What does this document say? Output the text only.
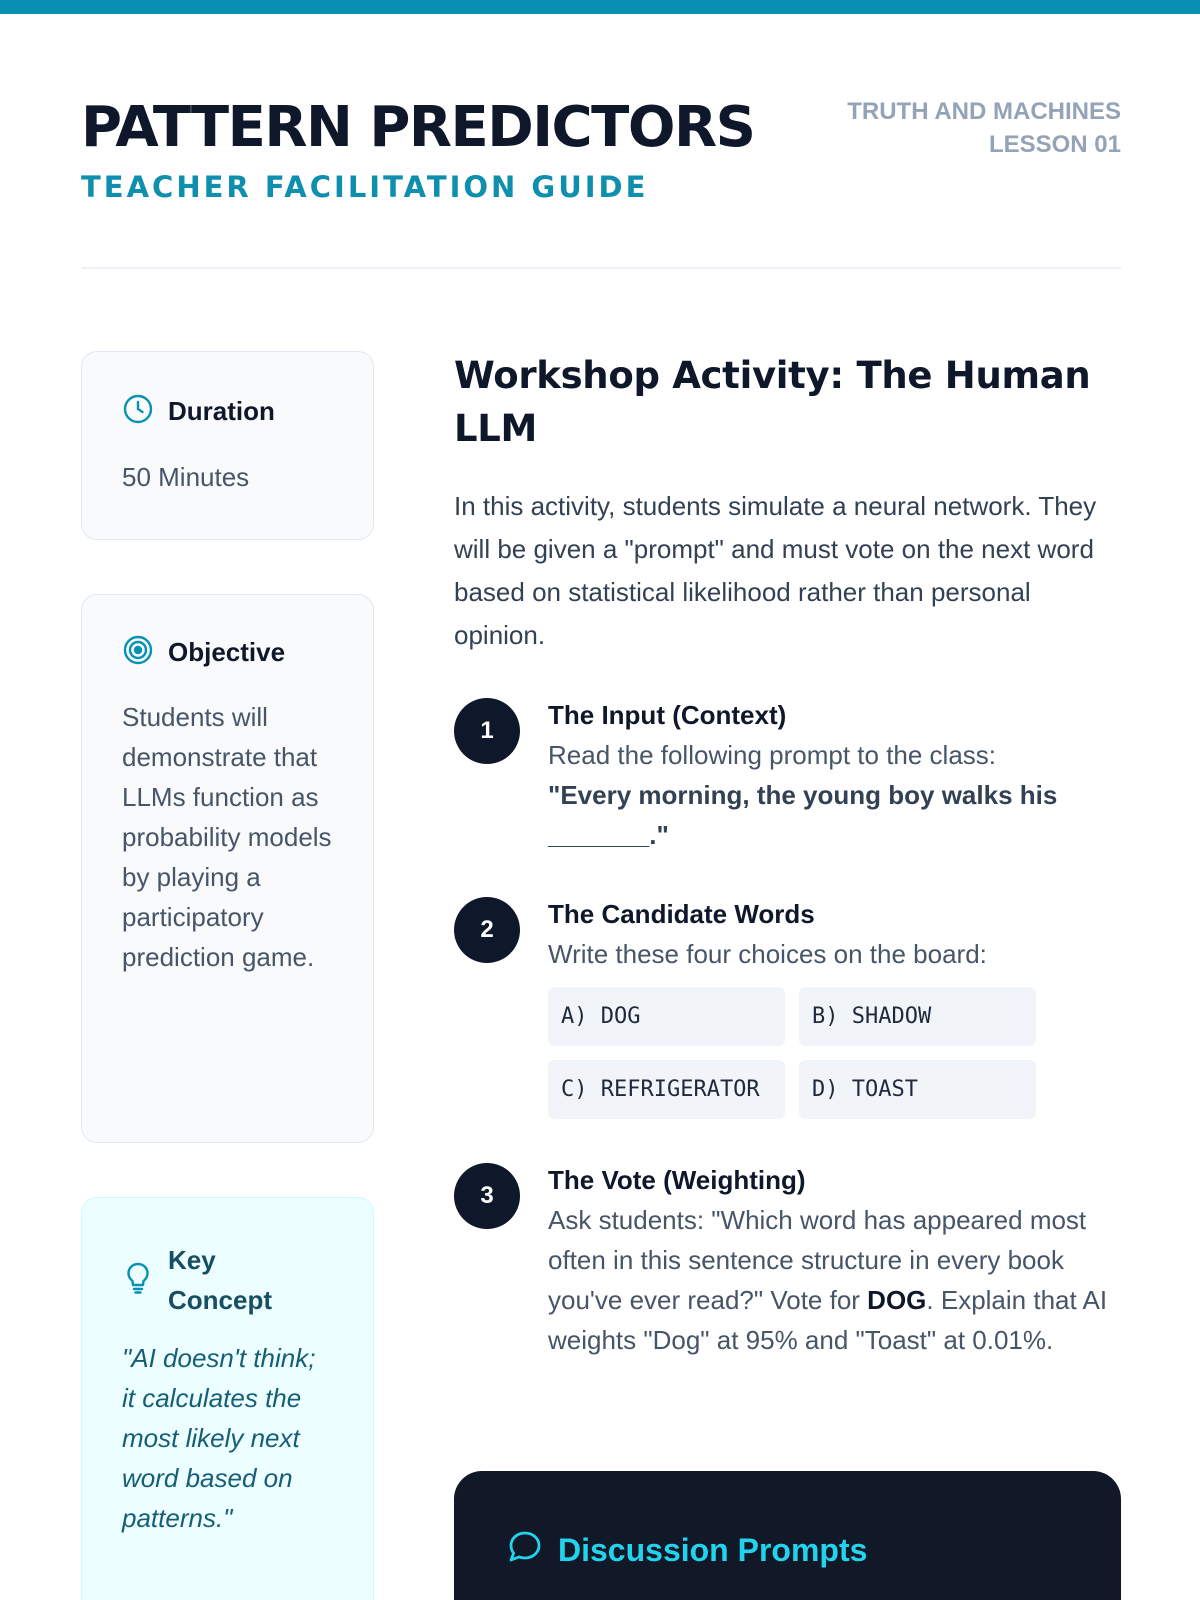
PATTERN PREDICTORS
TEACHER FACILITATION GUIDE
TRUTH AND MACHINES
LESSON 01
Duration
50 Minutes
Objective
Students will demonstrate that LLMs function as probability models by playing a participatory prediction game.
Key
Concept
"AI doesn't think; it calculates the most likely next word based on patterns."
Workshop Activity: The Human LLM

In this activity, students simulate a neural network. They will be given a "prompt" and must vote on the next word based on statistical likelihood rather than personal opinion.

1
The Input (Context)
Read the following prompt to the class:
"Every morning, the young boy walks his _______."
2
The Candidate Words
Write these four choices on the board:
A) DOG	B) SHADOW
C) REFRIGERATOR	D) TOAST
3
The Vote (Weighting)
Ask students: "Which word has appeared most often in this sentence structure in every book you've ever read?" Vote for DOG. Explain that AI weights "Dog" at 95% and "Toast" at 0.01%.
Discussion Prompts
